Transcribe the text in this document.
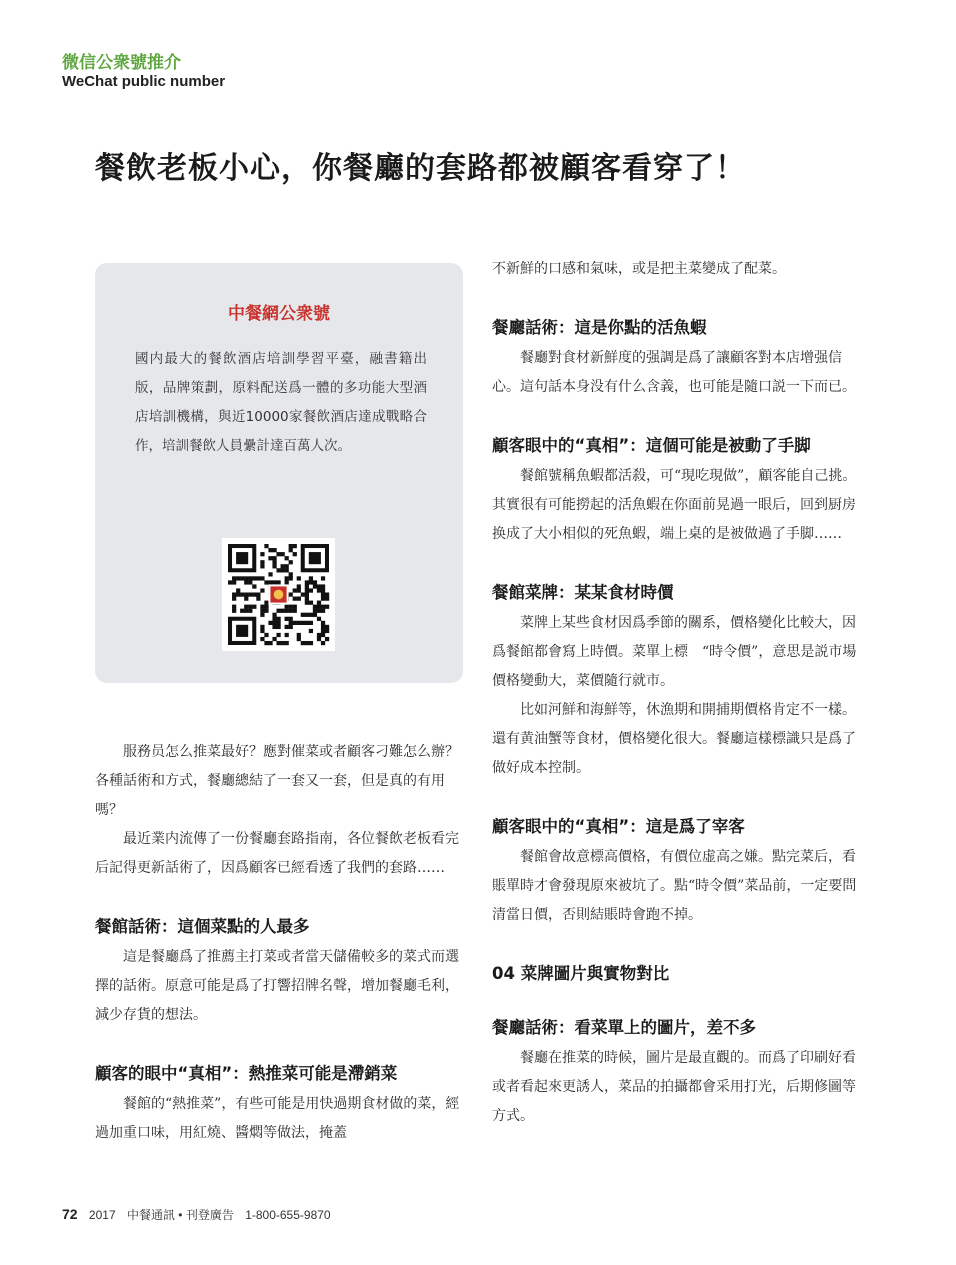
微信公衆號推介
WeChat public number
餐飲老板小心，你餐廳的套路都被顧客看穿了！
中餐網公衆號
國内最大的餐飲酒店培訓學習平臺，融書籍出版，品牌策劃，原料配送爲一體的多功能大型酒店培訓機構，與近10000家餐飲酒店達成戰略合作，培訓餐飲人員纍計達百萬人次。

服務员怎么推菜最好？應對催菜或者顧客刁難怎么辦？各種話術和方式，餐廳總結了一套又一套，但是真的有用嗎？

最近業内流傳了一份餐廳套路指南，各位餐飲老板看完后記得更新話術了，因爲顧客已經看透了我們的套路……

餐館話術：這個菜點的人最多

這是餐廳爲了推薦主打菜或者當天儲備較多的菜式而選擇的話術。原意可能是爲了打響招牌名聲，增加餐廳毛利，減少存貨的想法。

顧客的眼中“真相”：熱推菜可能是滯銷菜

餐館的“熱推菜”，有些可能是用快過期食材做的菜，經過加重口味，用紅燒、醬燜等做法，掩蓋

不新鮮的口感和氣味，或是把主菜變成了配菜。

餐廳話術：這是你點的活魚蝦

餐廳對食材新鮮度的强調是爲了讓顧客對本店增强信心。這句話本身没有什么含義，也可能是隨口説一下而已。

顧客眼中的“真相”：這個可能是被動了手脚

餐館號稱魚蝦都活殺，可“現吃現做”，顧客能自己挑。其實很有可能撈起的活魚蝦在你面前晃過一眼后，回到厨房换成了大小相似的死魚蝦，端上桌的是被做過了手脚……

餐館菜牌：某某食材時價

菜牌上某些食材因爲季節的關系，價格變化比較大，因爲餐館都會寫上時價。菜單上標　“時令價”，意思是説市場價格變動大，菜價隨行就市。

比如河鮮和海鮮等，休漁期和開捕期價格肯定不一樣。還有黄油蟹等食材，價格變化很大。餐廳這樣標識只是爲了做好成本控制。

顧客眼中的“真相”：這是爲了宰客

餐館會故意標高價格，有價位虚高之嫌。點完菜后，看賬單時才會發現原來被坑了。點“時令價”菜品前，一定要問清當日價，否則結賬時會跑不掉。

04 菜牌圖片與實物對比
餐廳話術：看菜單上的圖片，差不多

餐廳在推菜的時候，圖片是最直觀的。而爲了印刷好看或者看起來更誘人，菜品的拍攝都會采用打光，后期修圖等方式。

72 2017 中餐通訊 • 刊登廣告 1-800-655-9870
